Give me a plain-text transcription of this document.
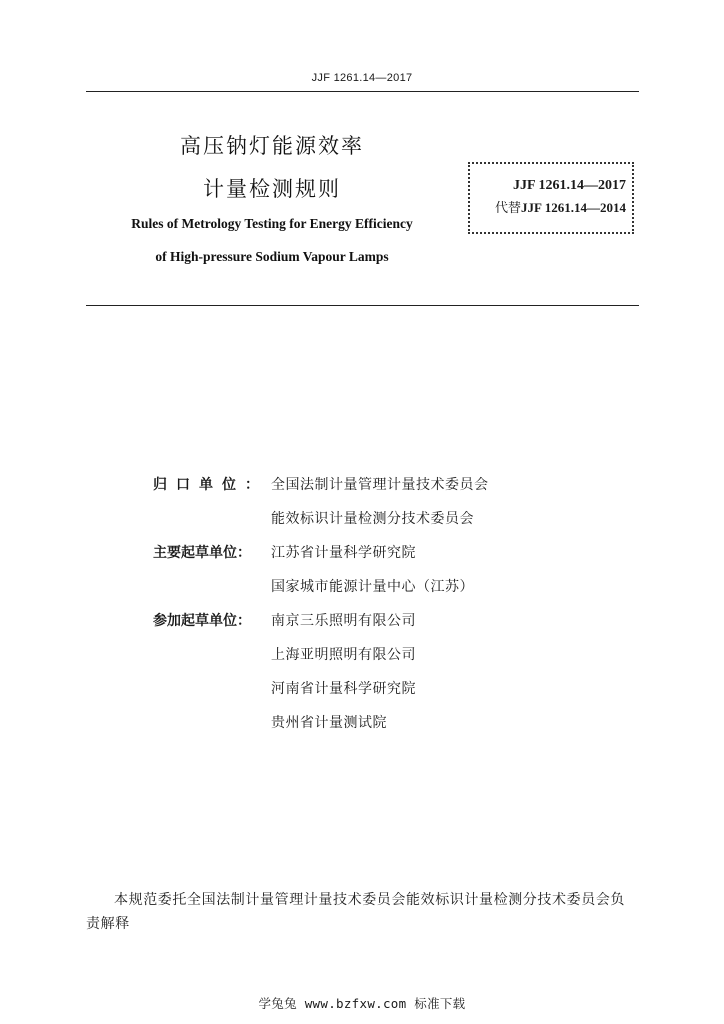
JJF 1261.14—2017
高压钠灯能源效率
计量检测规则
Rules of Metrology Testing for Energy Efficiency
of High-pressure Sodium Vapour Lamps
JJF 1261.14—2017
代替JJF 1261.14—2014
归口单位： 全国法制计量管理计量技术委员会
能效标识计量检测分技术委员会
主要起草单位：	江苏省计量科学研究院
国家城市能源计量中心（江苏）
参加起草单位：	南京三乐照明有限公司
上海亚明照明有限公司
河南省计量科学研究院
贵州省计量测试院
本规范委托全国法制计量管理计量技术委员会能效标识计量检测分技术委员会负责解释
学兔兔 www.bzfxw.com 标准下载
